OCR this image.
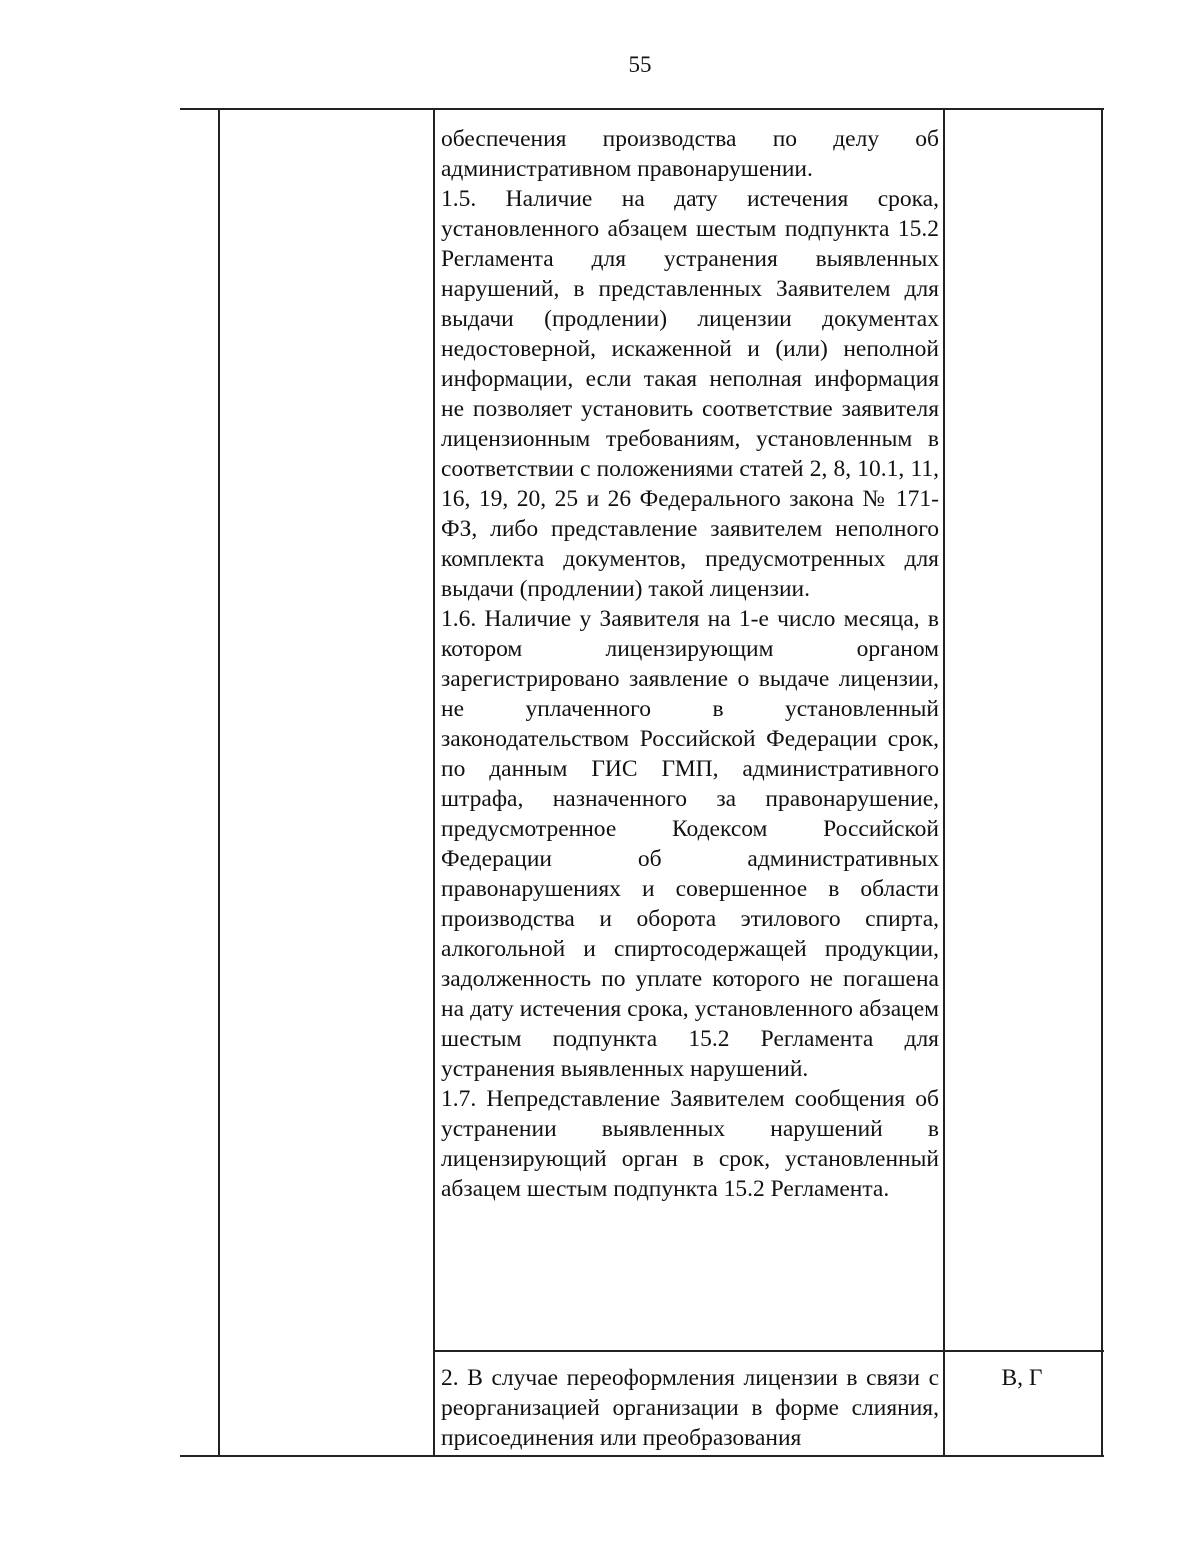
55

обеспечения производства по делу об административном правонарушении.

1.5. Наличие на дату истечения срока, установленного абзацем шестым подпункта 15.2 Регламента для устранения выявленных нарушений, в представленных Заявителем для выдачи (продлении) лицензии документах недостоверной, искаженной и (или) неполной информации, если такая неполная информация не позволяет установить соответствие заявителя лицензионным требованиям, установленным в соответствии с положениями статей 2, 8, 10.1, 11, 16, 19, 20, 25 и 26 Федерального закона № 171-ФЗ, либо представление заявителем неполного комплекта документов, предусмотренных для выдачи (продлении) такой лицензии.

1.6. Наличие у Заявителя на 1-е число месяца, в котором лицензирующим органом зарегистрировано заявление о выдаче лицензии, не уплаченного в установленный законодательством Российской Федерации срок, по данным ГИС ГМП, административного штрафа, назначенного за правонарушение, предусмотренное Кодексом Российской Федерации об административных правонарушениях и совершенное в области производства и оборота этилового спирта, алкогольной и спиртосодержащей продукции, задолженность по уплате которого не погашена на дату истечения срока, установленного абзацем шестым подпункта 15.2 Регламента для устранения выявленных нарушений.

1.7. Непредставление Заявителем сообщения об устранении выявленных нарушений в лицензирующий орган в срок, установленный абзацем шестым подпункта 15.2 Регламента.

2. В случае переоформления лицензии в связи с реорганизацией организации в форме слияния, присоединения или преобразования

В, Г
